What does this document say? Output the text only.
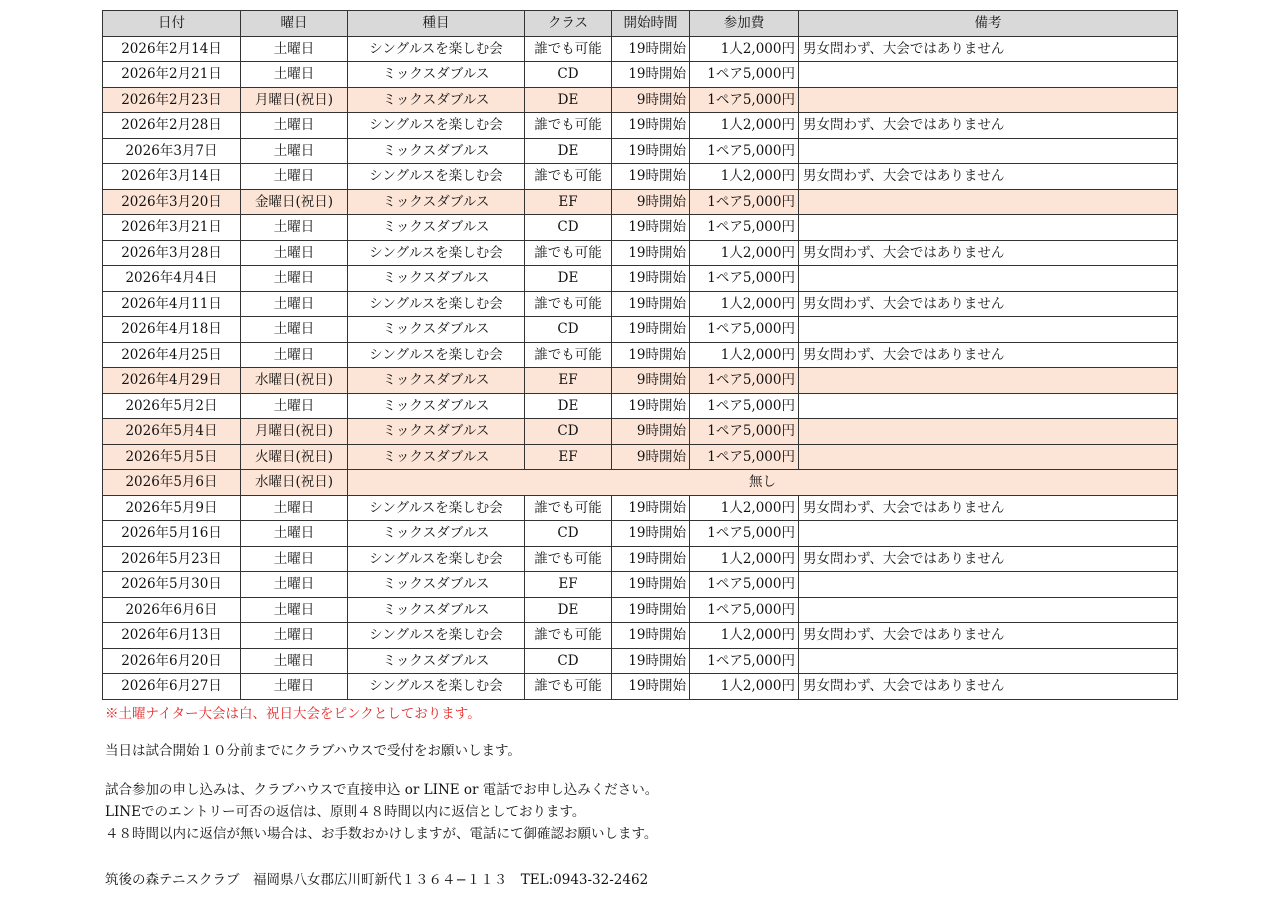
日付	曜日	種目	クラス	開始時間	参加費	備考
2026年2月14日	土曜日	シングルスを楽しむ会	誰でも可能	19時開始	1人2,000円	男女問わず、大会ではありません
2026年2月21日	土曜日	ミックスダブルス	CD	19時開始	1ペア5,000円	
2026年2月23日	月曜日(祝日)	ミックスダブルス	DE	9時開始	1ペア5,000円	
2026年2月28日	土曜日	シングルスを楽しむ会	誰でも可能	19時開始	1人2,000円	男女問わず、大会ではありません
2026年3月7日	土曜日	ミックスダブルス	DE	19時開始	1ペア5,000円	
2026年3月14日	土曜日	シングルスを楽しむ会	誰でも可能	19時開始	1人2,000円	男女問わず、大会ではありません
2026年3月20日	金曜日(祝日)	ミックスダブルス	EF	9時開始	1ペア5,000円	
2026年3月21日	土曜日	ミックスダブルス	CD	19時開始	1ペア5,000円	
2026年3月28日	土曜日	シングルスを楽しむ会	誰でも可能	19時開始	1人2,000円	男女問わず、大会ではありません
2026年4月4日	土曜日	ミックスダブルス	DE	19時開始	1ペア5,000円	
2026年4月11日	土曜日	シングルスを楽しむ会	誰でも可能	19時開始	1人2,000円	男女問わず、大会ではありません
2026年4月18日	土曜日	ミックスダブルス	CD	19時開始	1ペア5,000円	
2026年4月25日	土曜日	シングルスを楽しむ会	誰でも可能	19時開始	1人2,000円	男女問わず、大会ではありません
2026年4月29日	水曜日(祝日)	ミックスダブルス	EF	9時開始	1ペア5,000円	
2026年5月2日	土曜日	ミックスダブルス	DE	19時開始	1ペア5,000円	
2026年5月4日	月曜日(祝日)	ミックスダブルス	CD	9時開始	1ペア5,000円	
2026年5月5日	火曜日(祝日)	ミックスダブルス	EF	9時開始	1ペア5,000円	
2026年5月6日	水曜日(祝日)	無し				
2026年5月9日	土曜日	シングルスを楽しむ会	誰でも可能	19時開始	1人2,000円	男女問わず、大会ではありません
2026年5月16日	土曜日	ミックスダブルス	CD	19時開始	1ペア5,000円	
2026年5月23日	土曜日	シングルスを楽しむ会	誰でも可能	19時開始	1人2,000円	男女問わず、大会ではありません
2026年5月30日	土曜日	ミックスダブルス	EF	19時開始	1ペア5,000円	
2026年6月6日	土曜日	ミックスダブルス	DE	19時開始	1ペア5,000円	
2026年6月13日	土曜日	シングルスを楽しむ会	誰でも可能	19時開始	1人2,000円	男女問わず、大会ではありません
2026年6月20日	土曜日	ミックスダブルス	CD	19時開始	1ペア5,000円	
2026年6月27日	土曜日	シングルスを楽しむ会	誰でも可能	19時開始	1人2,000円	男女問わず、大会ではありません
※土曜ナイター大会は白、祝日大会をピンクとしております。
当日は試合開始１０分前までにクラブハウスで受付をお願いします。
試合参加の申し込みは、クラブハウスで直接申込 or LINE or 電話でお申し込みください。
LINEでのエントリー可否の返信は、原則４８時間以内に返信としております。
４８時間以内に返信が無い場合は、お手数おかけしますが、電話にて御確認お願いします。
筑後の森テニスクラブ　福岡県八女郡広川町新代１３６４−１１３　TEL:0943-32-2462
